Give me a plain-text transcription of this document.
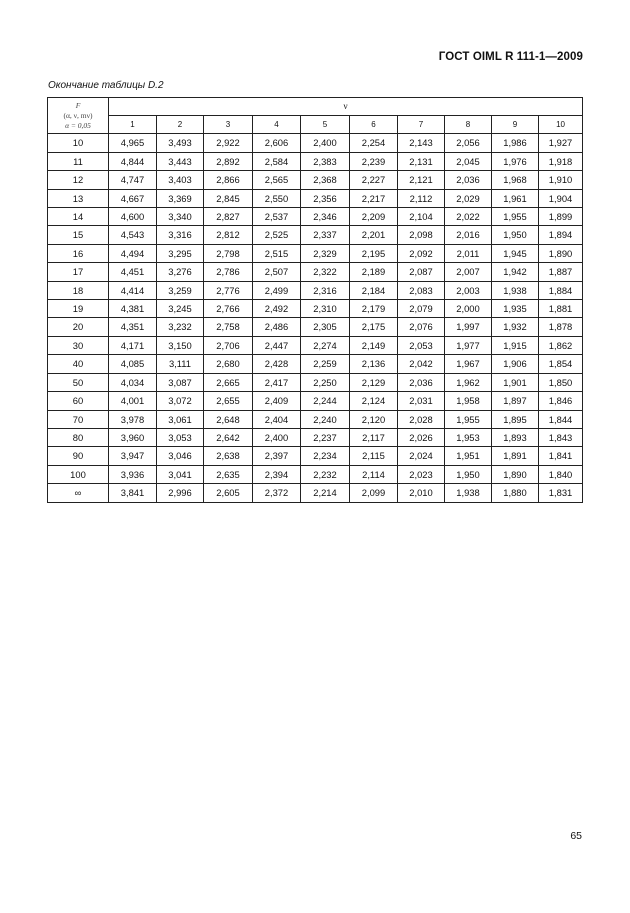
ГОСТ OIML R 111-1—2009
Окончание таблицы D.2
F
(α, ν, mν)
α = 0,05	ν									
	1	2	3	4	5	6	7	8	9	10
10	4,965	3,493	2,922	2,606	2,400	2,254	2,143	2,056	1,986	1,927
11	4,844	3,443	2,892	2,584	2,383	2,239	2,131	2,045	1,976	1,918
12	4,747	3,403	2,866	2,565	2,368	2,227	2,121	2,036	1,968	1,910
13	4,667	3,369	2,845	2,550	2,356	2,217	2,112	2,029	1,961	1,904
14	4,600	3,340	2,827	2,537	2,346	2,209	2,104	2,022	1,955	1,899
15	4,543	3,316	2,812	2,525	2,337	2,201	2,098	2,016	1,950	1,894
16	4,494	3,295	2,798	2,515	2,329	2,195	2,092	2,011	1,945	1,890
17	4,451	3,276	2,786	2,507	2,322	2,189	2,087	2,007	1,942	1,887
18	4,414	3,259	2,776	2,499	2,316	2,184	2,083	2,003	1,938	1,884
19	4,381	3,245	2,766	2,492	2,310	2,179	2,079	2,000	1,935	1,881
20	4,351	3,232	2,758	2,486	2,305	2,175	2,076	1,997	1,932	1,878
30	4,171	3,150	2,706	2,447	2,274	2,149	2,053	1,977	1,915	1,862
40	4,085	3,111	2,680	2,428	2,259	2,136	2,042	1,967	1,906	1,854
50	4,034	3,087	2,665	2,417	2,250	2,129	2,036	1,962	1,901	1,850
60	4,001	3,072	2,655	2,409	2,244	2,124	2,031	1,958	1,897	1,846
70	3,978	3,061	2,648	2,404	2,240	2,120	2,028	1,955	1,895	1,844
80	3,960	3,053	2,642	2,400	2,237	2,117	2,026	1,953	1,893	1,843
90	3,947	3,046	2,638	2,397	2,234	2,115	2,024	1,951	1,891	1,841
100	3,936	3,041	2,635	2,394	2,232	2,114	2,023	1,950	1,890	1,840
∞	3,841	2,996	2,605	2,372	2,214	2,099	2,010	1,938	1,880	1,831
65
